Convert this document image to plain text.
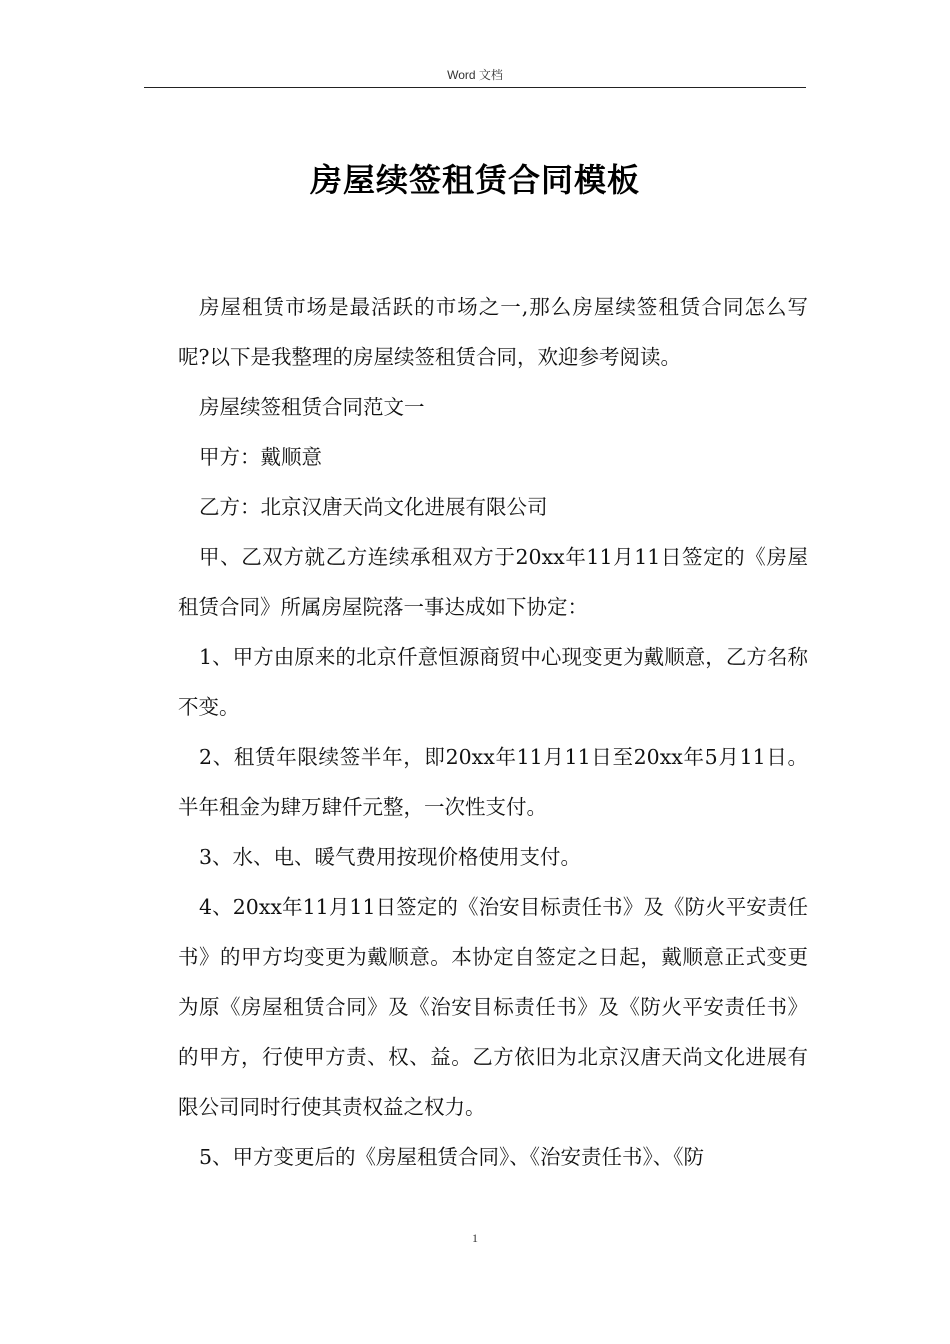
Word 文档
房屋续签租赁合同模板

房屋租赁市场是最活跃的市场之一,那么房屋续签租赁合同怎么写呢?以下是我整理的房屋续签租赁合同，欢迎参考阅读。

房屋续签租赁合同范文一

甲方：戴顺意

乙方：北京汉唐天尚文化进展有限公司

甲、乙双方就乙方连续承租双方于20xx年11月11日签定的《房屋租赁合同》所属房屋院落一事达成如下协定：

1、甲方由原来的北京仟意恒源商贸中心现变更为戴顺意，乙方名称不变。

2、租赁年限续签半年，即20xx年11月11日至20xx年5月11日。半年租金为肆万肆仟元整，一次性支付。

3、水、电、暖气费用按现价格使用支付。

4、20xx年11月11日签定的《治安目标责任书》及《防火平安责任书》的甲方均变更为戴顺意。本协定自签定之日起，戴顺意正式变更为原《房屋租赁合同》及《治安目标责任书》及《防火平安责任书》的甲方，行使甲方责、权、益。乙方依旧为北京汉唐天尚文化进展有限公司同时行使其责权益之权力。

5、甲方变更后的《房屋租赁合同》、《治安责任书》、《防

1
